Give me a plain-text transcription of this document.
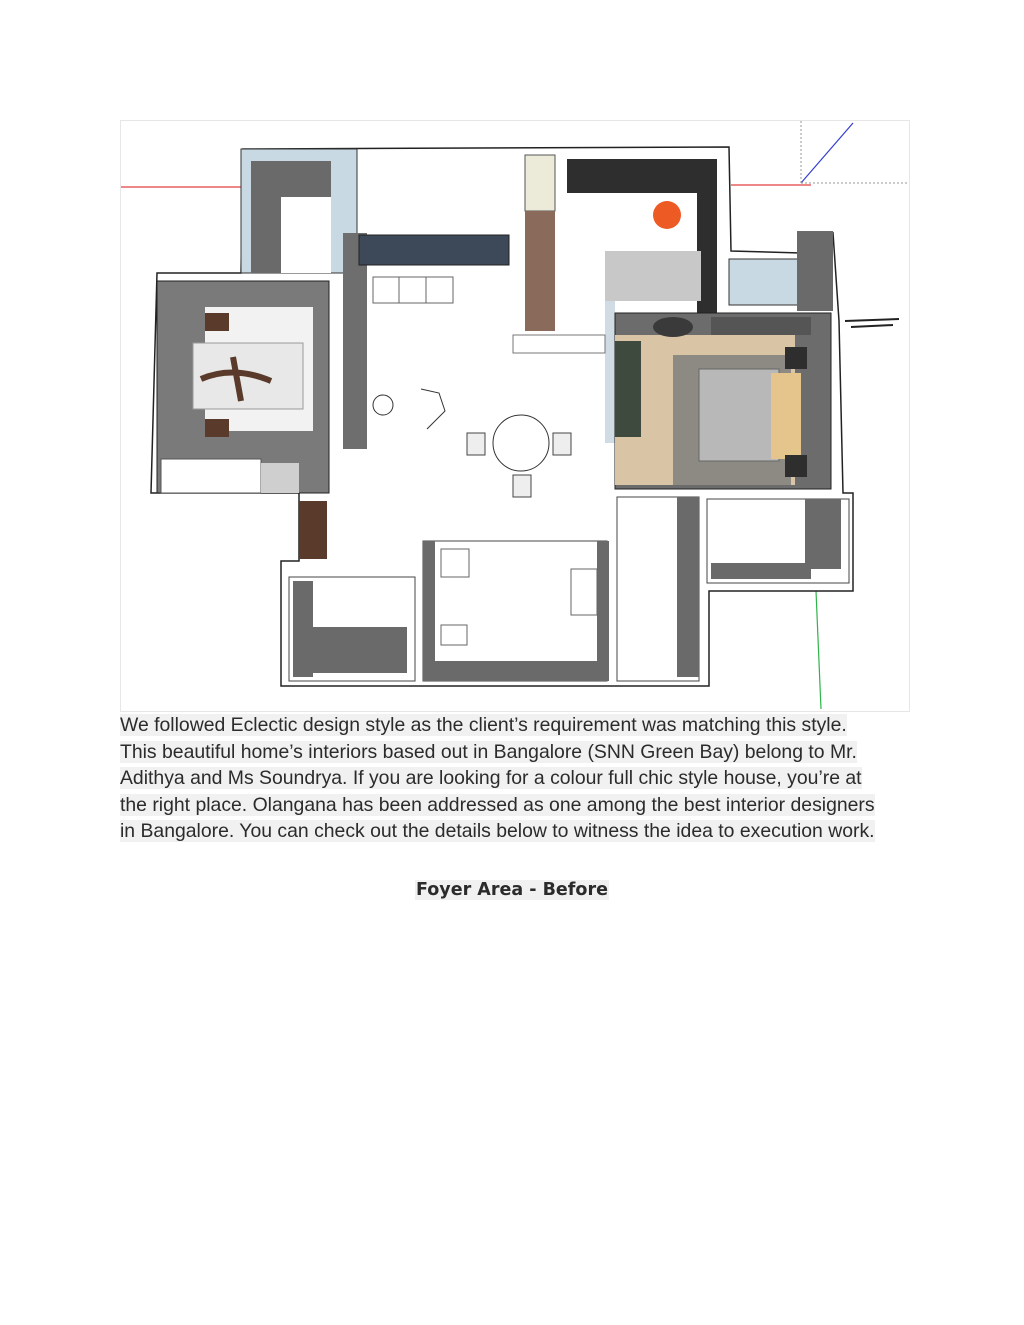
We followed Eclectic design style as the client’s requirement was matching this style.
This beautiful home’s interiors based out in Bangalore (SNN Green Bay) belong to Mr.
Adithya and Ms Soundrya. If you are looking for a colour full chic style house, you’re at
the right place. Olangana has been addressed as one among the best interior designers
in Bangalore. You can check out the details below to witness the idea to execution work.
Foyer Area - Before
